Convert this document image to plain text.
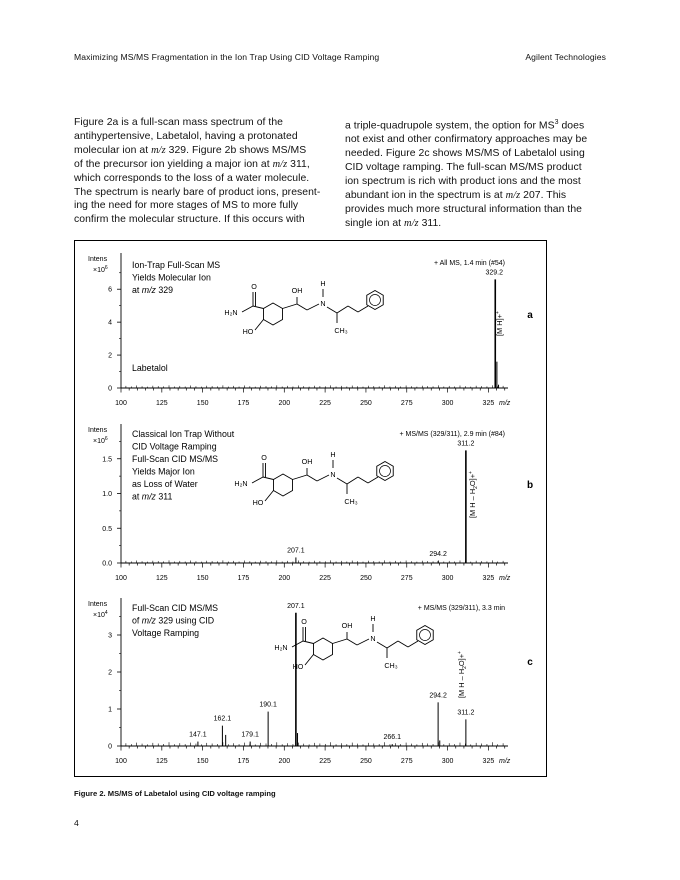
Maximizing MS/MS Fragmentation in the Ion Trap Using CID Voltage Ramping	Agilent Technologies
Figure 2a is a full-scan mass spectrum of the
antihypertensive, Labetalol, having a protonated
molecular ion at m/z 329. Figure 2b shows MS/MS
of the precursor ion yielding a major ion at m/z 311,
which corresponds to the loss of a water molecule.
The spectrum is nearly bare of product ions, present-
ing the need for more stages of MS to more fully
confirm the molecular structure. If this occurs with
a triple-quadrupole system, the option for $MS^3$ does
not exist and other confirmatory approaches may be
needed. Figure 2c shows MS/MS of Labetalol using
CID voltage ramping. The full-scan MS/MS product
ion spectrum is rich with product ions and the most
abundant ion in the spectrum is at m/z 207. This
provides much more structural information than the
single ion at m/z 311.
100	125	150	175	200	225	250	275	300	325 m/z
0
2
4
6
Intens
$\times 10^6$	Ion-Trap Full-Scan MS
Yields Molecular Ion
at m/z 329
Labetalol
+ All MS, 1.4 min (#54)
329.2
[M H]++	a
O
H₂N
HO
OH
N
H
CH₃
100	125	150	175	200	225	250	275	300	325 m/z
0.0
0.5
1.0
1.5
Intens
$\times 10^6$	Classical Ion Trap Without
CID Voltage Ramping
Full-Scan CID MS/MS
Yields Major Ion
as Loss of Water
at m/z 311
+ MS/MS (329/311), 2.9 min (#84)
207.1	294.2
311.2
[M $H - H_2O]+^+$
b
O
H₂N
HO
OH
N
H
CH₃
100	125	150	175	200	225	250	275	300	325 m/z
0
1
2
3
Intens
$\times 10^4$	Full-Scan CID MS/MS
of m/z 329 using CID
Voltage Ramping
+ MS/MS (329/311), 3.3 min
147.1
162.1
179.1
190.1
207.1
266.1
294.2
311.2
[M $H - H_2O]+^+$
c
O
H₂N
HO
OH
N
H
CH₃
Figure 2. MS/MS of Labetalol using CID voltage ramping
4
